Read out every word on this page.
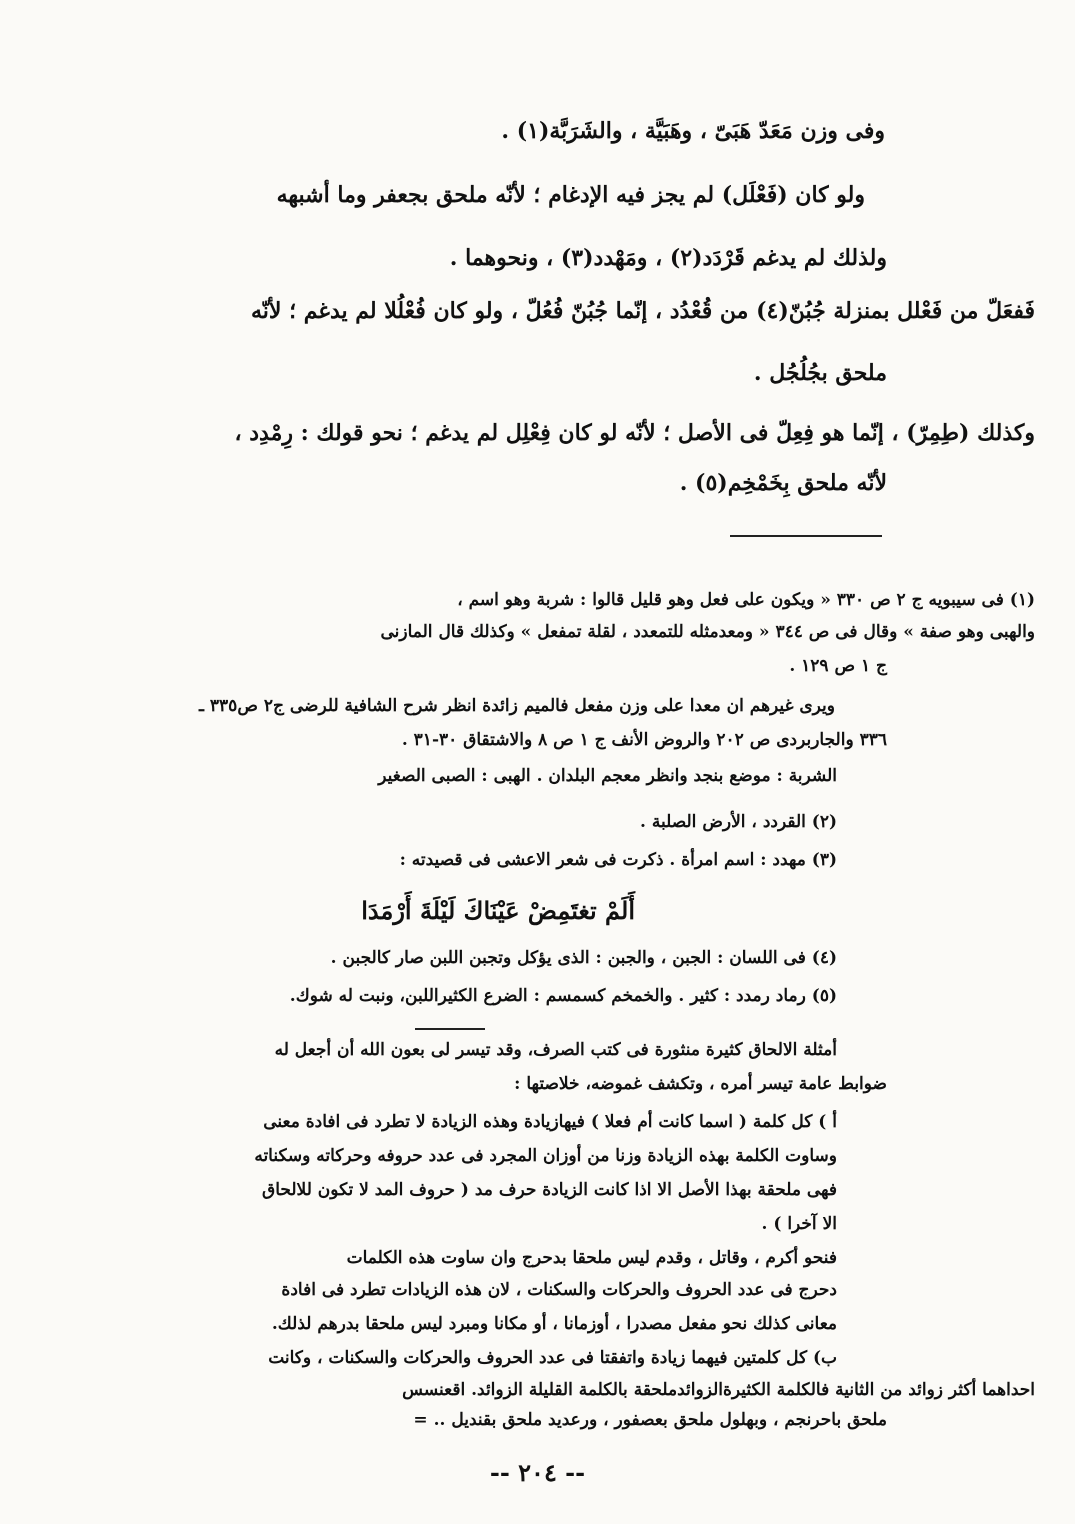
وفى وزن مَعَدّ هَبَىّ ، وهَبَيَّة ، والشَرَبَّة(١) .
ولو كان (فَعْلَل) لم يجز فيه الإدغام ؛ لأنّه ملحق بجعفر وما أشبهه
ولذلك لم يدغم قَرْدَد(٢) ، ومَهْدد(٣) ، ونحوهما .
فَفعَلّ من فَعْلل بمنزلة جُبُنّ(٤) من قُعْدُد ، إنّما جُبُنّ فُعُلّ ، ولو كان فُعْلُلا لم يدغم ؛ لأنّه
ملحق بجُلُجُل .
وكذلك (طِمِرّ) ، إنّما هو فِعِلّ فى الأصل ؛ لأنّه لو كان فِعْلِل لم يدغم ؛ نحو قولك : رِمْدِد ،
لأنّه ملحق بِخَمْخِم(٥) .
(١) فى سيبويه ج ٢ ص ٣٣٠ « ويكون على فعل وهو قليل قالوا : شربة وهو اسم ،
والهبى وهو صفة » وقال فى ص ٣٤٤ « ومعدمثله للتمعدد ، لقلة تمفعل » وكذلك قال المازنى
ج ١ ص ١٢٩ .
ويرى غيرهم ان معدا على وزن مفعل فالميم زائدة انظر شرح الشافية للرضى ج٢ ص٣٣٥ ـ
٣٣٦ والجاربردى ص ٢٠٢ والروض الأنف ج ١ ص ٨ والاشتقاق ٣٠-٣١ .
الشربة : موضع بنجد وانظر معجم البلدان . الهبى : الصبى الصغير
(٢) القردد ، الأرض الصلبة .
(٣) مهدد : اسم امرأة . ذكرت فى شعر الاعشى فى قصيدته :
أَلَمْ تغتَمِضْ عَيْنَاكَ لَيْلَةَ أَرْمَدَا
(٤) فى اللسان : الجبن ، والجبن : الذى يؤكل وتجبن اللبن صار كالجبن .
(٥) رماد رمدد : كثير . والخمخم كسمسم : الضرع الكثيراللبن، ونبت له شوك.
أمثلة الالحاق كثيرة منثورة فى كتب الصرف، وقد تيسر لى بعون الله أن أجعل له
ضوابط عامة تيسر أمره ، وتكشف غموضه، خلاصتها :
أ ) كل كلمة ( اسما كانت أم فعلا ) فيهازيادة وهذه الزيادة لا تطرد فى افادة معنى
وساوت الكلمة بهذه الزيادة وزنا من أوزان المجرد فى عدد حروفه وحركاته وسكناته
فهى ملحقة بهذا الأصل الا اذا كانت الزيادة حرف مد ( حروف المد لا تكون للالحاق
الا آخرا ) .
فنحو أكرم ، وقاتل ، وقدم ليس ملحقا بدحرج وان ساوت هذه الكلمات
دحرج فى عدد الحروف والحركات والسكنات ، لان هذه الزيادات تطرد فى افادة
معانى كذلك نحو مفعل مصدرا ، أوزمانا ، أو مكانا ومبرد ليس ملحقا بدرهم لذلك.
ب) كل كلمتين فيهما زيادة واتفقتا فى عدد الحروف والحركات والسكنات ، وكانت
احداهما أكثر زوائد من الثانية فالكلمة الكثيرةالزوائدملحقة بالكلمة القليلة الزوائد. اقعنسس
ملحق باحرنجم ، وبهلول ملحق بعصفور ، ورعديد ملحق بقنديل .. =
-- ٢٠٤ --
